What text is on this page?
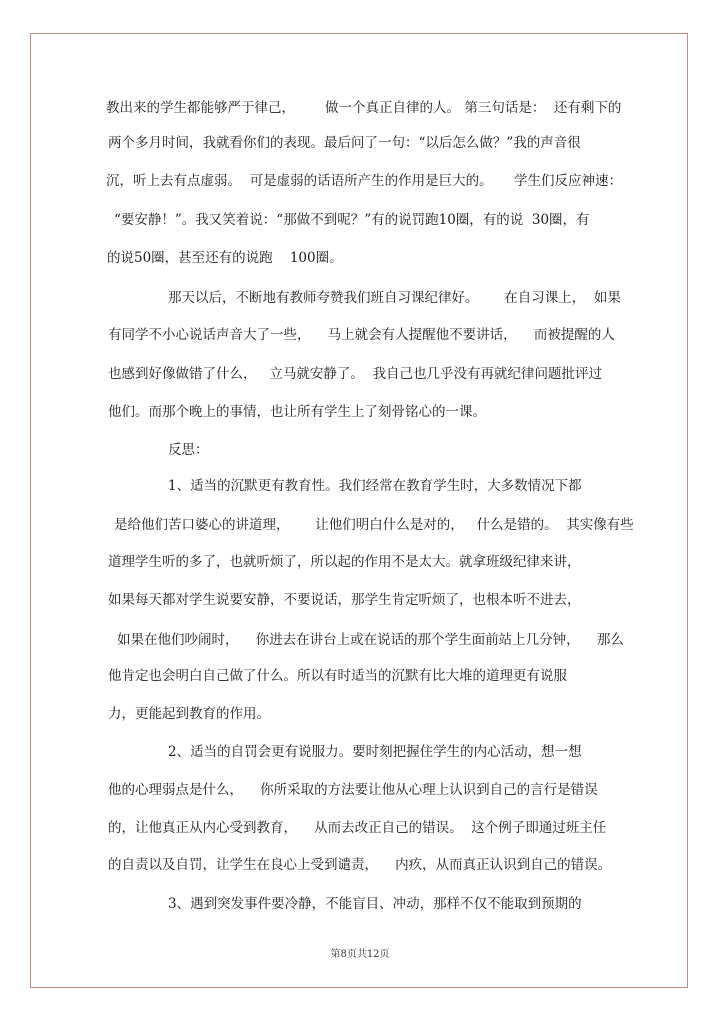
教出来的学生都能够严于律己，       做一个真正自律的人。 第三句话是：  还有剩下的
两个多月时间，我就看你们的表现。最后问了一句：“以后怎么做？”我的声音很
沉，听上去有点虚弱。  可是虚弱的话语所产生的作用是巨大的。     学生们反应神速：
“要安静！”。我又笑着说：“那做不到呢？”有的说罚跑10圈，有的说  30圈，有
的说50圈，甚至还有的说跑    100圈。
那天以后，不断地有教师夸赞我们班自习课纪律好。      在自习课上，  如果
有同学不小心说话声音大了一些，    马上就会有人提醒他不要讲话，    而被提醒的人
也感到好像做错了什么，   立马就安静了。  我自己也几乎没有再就纪律问题批评过
他们。而那个晚上的事情，也让所有学生上了刻骨铭心的一课。
反思：
1、适当的沉默更有教育性。我们经常在教育学生时，大多数情况下都
是给他们苦口婆心的讲道理，      让他们明白什么是对的，   什么是错的。  其实像有些
道理学生听的多了，也就听烦了，所以起的作用不是太大。就拿班级纪律来讲，
如果每天都对学生说要安静，不要说话，那学生肯定听烦了，也根本听不进去，
如果在他们吵闹时，    你进去在讲台上或在说话的那个学生面前站上几分钟，    那么
他肯定也会明白自己做了什么。所以有时适当的沉默有比大堆的道理更有说服
力，更能起到教育的作用。
2、适当的自罚会更有说服力。要时刻把握住学生的内心活动，想一想
他的心理弱点是什么，    你所采取的方法要让他从心理上认识到自己的言行是错误
的，让他真正从内心受到教育，    从而去改正自己的错误。  这个例子即通过班主任
的自责以及自罚，让学生在良心上受到谴责，    内疚，从而真正认识到自己的错误。
3、遇到突发事件要冷静，不能盲目、冲动，那样不仅不能取到预期的
第8页共12页
